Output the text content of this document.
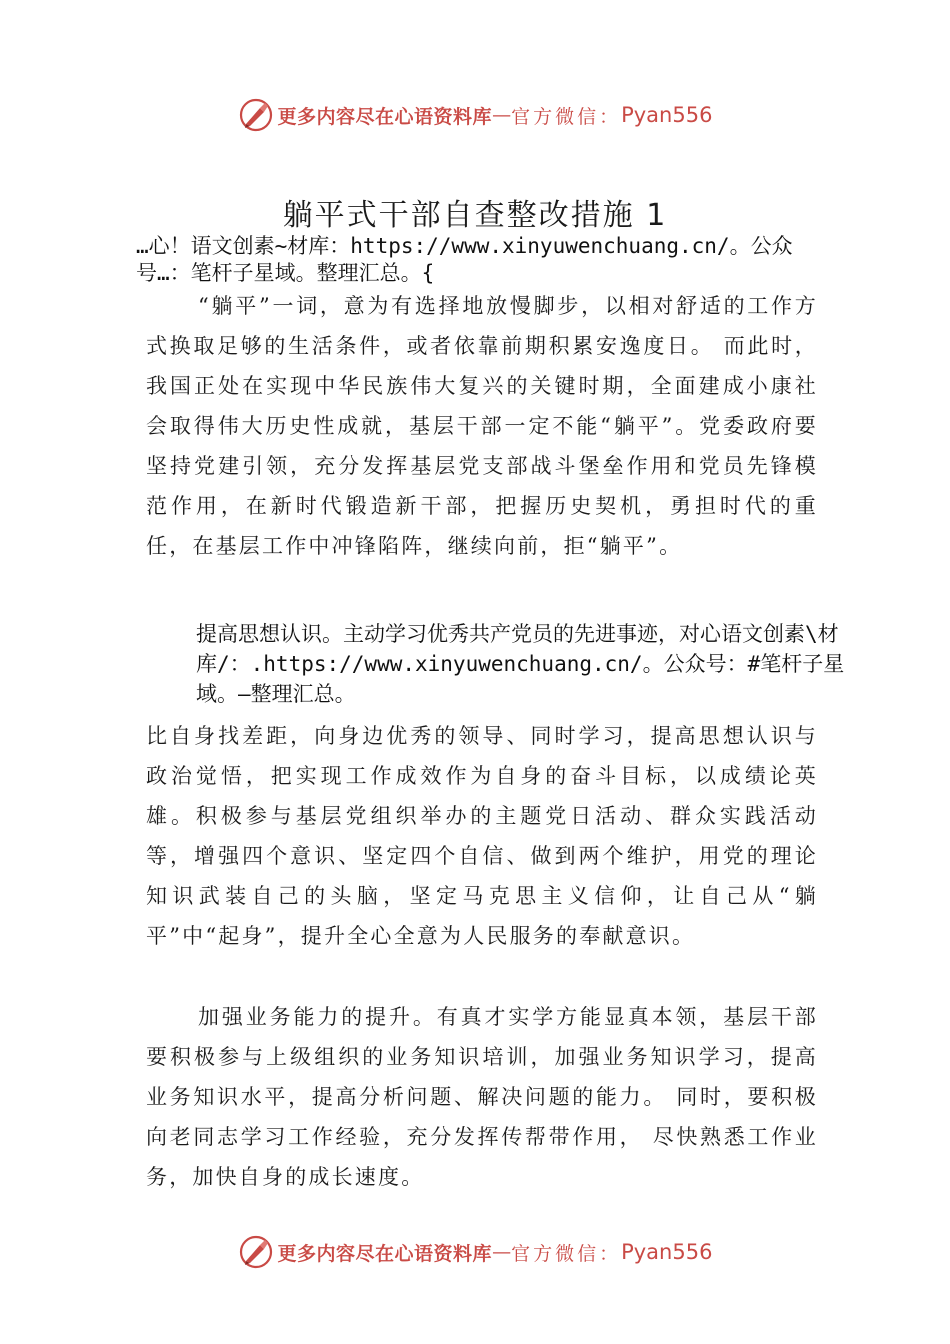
更多内容尽在心语资料库 — 官方微信： Pyan556
躺平式干部自查整改措施 1

…心！语文创素~材库：https://www.xinyuwenchuang.cn/。公众号…：笔杆子星域。整理汇总。{

“躺平”一词，意为有选择地放慢脚步，以相对舒适的工作方式换取足够的生活条件，或者依靠前期积累安逸度日。 而此时，我国正处在实现中华民族伟大复兴的关键时期，全面建成小康社会取得伟大历史性成就，基层干部一定不能“躺平”。党委政府要坚持党建引领，充分发挥基层党支部战斗堡垒作用和党员先锋模范作用，在新时代锻造新干部，把握历史契机，勇担时代的重任，在基层工作中冲锋陷阵，继续向前，拒“躺平”。

提高思想认识。主动学习优秀共产党员的先进事迹，对心语文创素\材库/：.https://www.xinyuwenchuang.cn/。公众号：#笔杆子星域。—整理汇总。

比自身找差距，向身边优秀的领导、同时学习，提高思想认识与政治觉悟，把实现工作成效作为自身的奋斗目标，以成绩论英雄。积极参与基层党组织举办的主题党日活动、群众实践活动等，增强四个意识、坚定四个自信、做到两个维护，用党的理论知识武装自己的头脑，坚定马克思主义信仰，让自己从“躺平”中“起身”，提升全心全意为人民服务的奉献意识。

加强业务能力的提升。有真才实学方能显真本领，基层干部要积极参与上级组织的业务知识培训，加强业务知识学习，提高业务知识水平，提高分析问题、解决问题的能力。 同时，要积极向老同志学习工作经验，充分发挥传帮带作用， 尽快熟悉工作业务，加快自身的成长速度。

更多内容尽在心语资料库 — 官方微信： Pyan556
